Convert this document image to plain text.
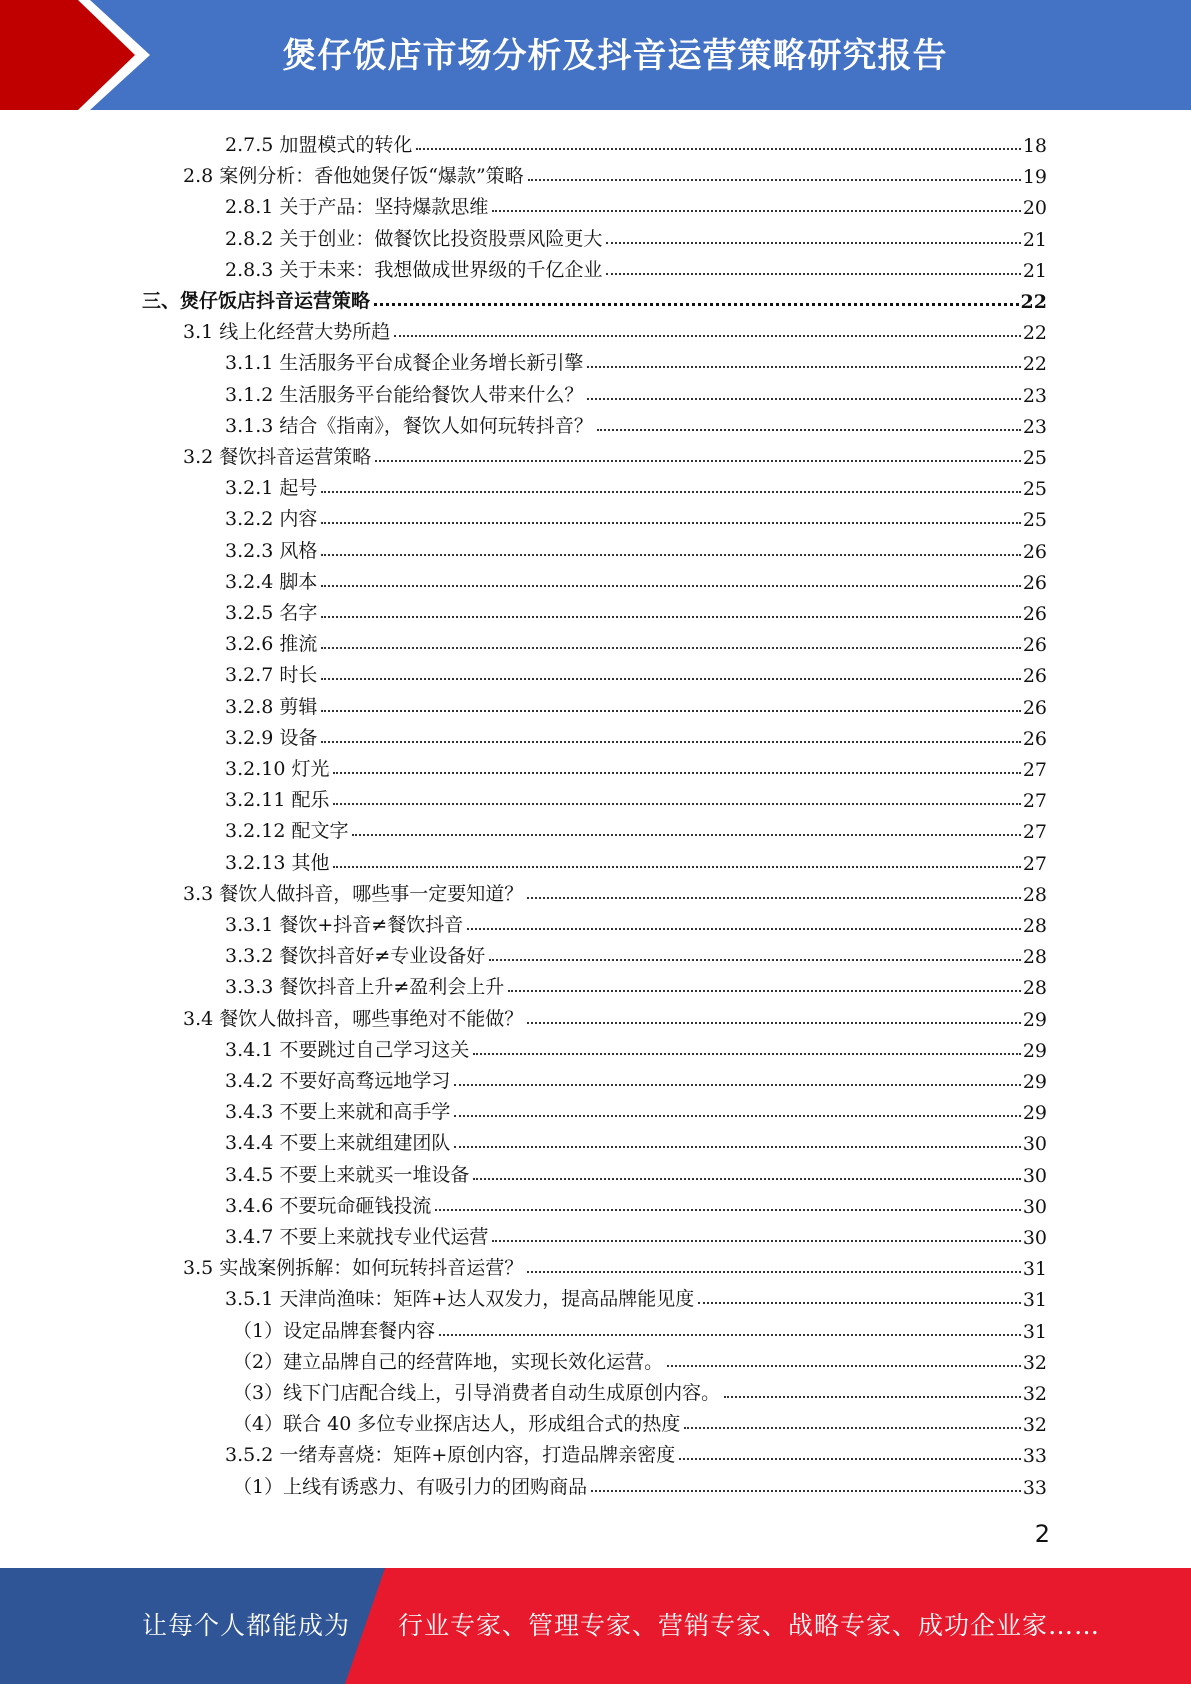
煲仔饭店市场分析及抖音运营策略研究报告
2.7.5 加盟模式的转化	18
2.8 案例分析：香他她煲仔饭“爆款”策略	19
2.8.1 关于产品：坚持爆款思维	20
2.8.2 关于创业：做餐饮比投资股票风险更大	21
2.8.3 关于未来：我想做成世界级的千亿企业	21
三、煲仔饭店抖音运营策略	22
3.1 线上化经营大势所趋	22
3.1.1 生活服务平台成餐企业务增长新引擎	22
3.1.2 生活服务平台能给餐饮人带来什么？	23
3.1.3 结合《指南》，餐饮人如何玩转抖音？	23
3.2 餐饮抖音运营策略	25
3.2.1 起号	25
3.2.2 内容	25
3.2.3 风格	26
3.2.4 脚本	26
3.2.5 名字	26
3.2.6 推流	26
3.2.7 时长	26
3.2.8 剪辑	26
3.2.9 设备	26
3.2.10 灯光	27
3.2.11 配乐	27
3.2.12 配文字	27
3.2.13 其他	27
3.3 餐饮人做抖音，哪些事一定要知道？	28
3.3.1 餐饮+抖音≠餐饮抖音	28
3.3.2 餐饮抖音好≠专业设备好	28
3.3.3 餐饮抖音上升≠盈利会上升	28
3.4 餐饮人做抖音，哪些事绝对不能做？	29
3.4.1 不要跳过自己学习这关	29
3.4.2 不要好高骛远地学习	29
3.4.3 不要上来就和高手学	29
3.4.4 不要上来就组建团队	30
3.4.5 不要上来就买一堆设备	30
3.4.6 不要玩命砸钱投流	30
3.4.7 不要上来就找专业代运营	30
3.5 实战案例拆解：如何玩转抖音运营？	31
3.5.1 天津尚渔味：矩阵+达人双发力，提高品牌能见度	31
（1）设定品牌套餐内容	31
（2）建立品牌自己的经营阵地，实现长效化运营。	32
（3）线下门店配合线上，引导消费者自动生成原创内容。	32
（4）联合 40 多位专业探店达人，形成组合式的热度	32
3.5.2 一绪寿喜烧：矩阵+原创内容，打造品牌亲密度	33
（1）上线有诱惑力、有吸引力的团购商品	33
2
让每个人都能成为 行业专家、管理专家、营销专家、战略专家、成功企业家……
